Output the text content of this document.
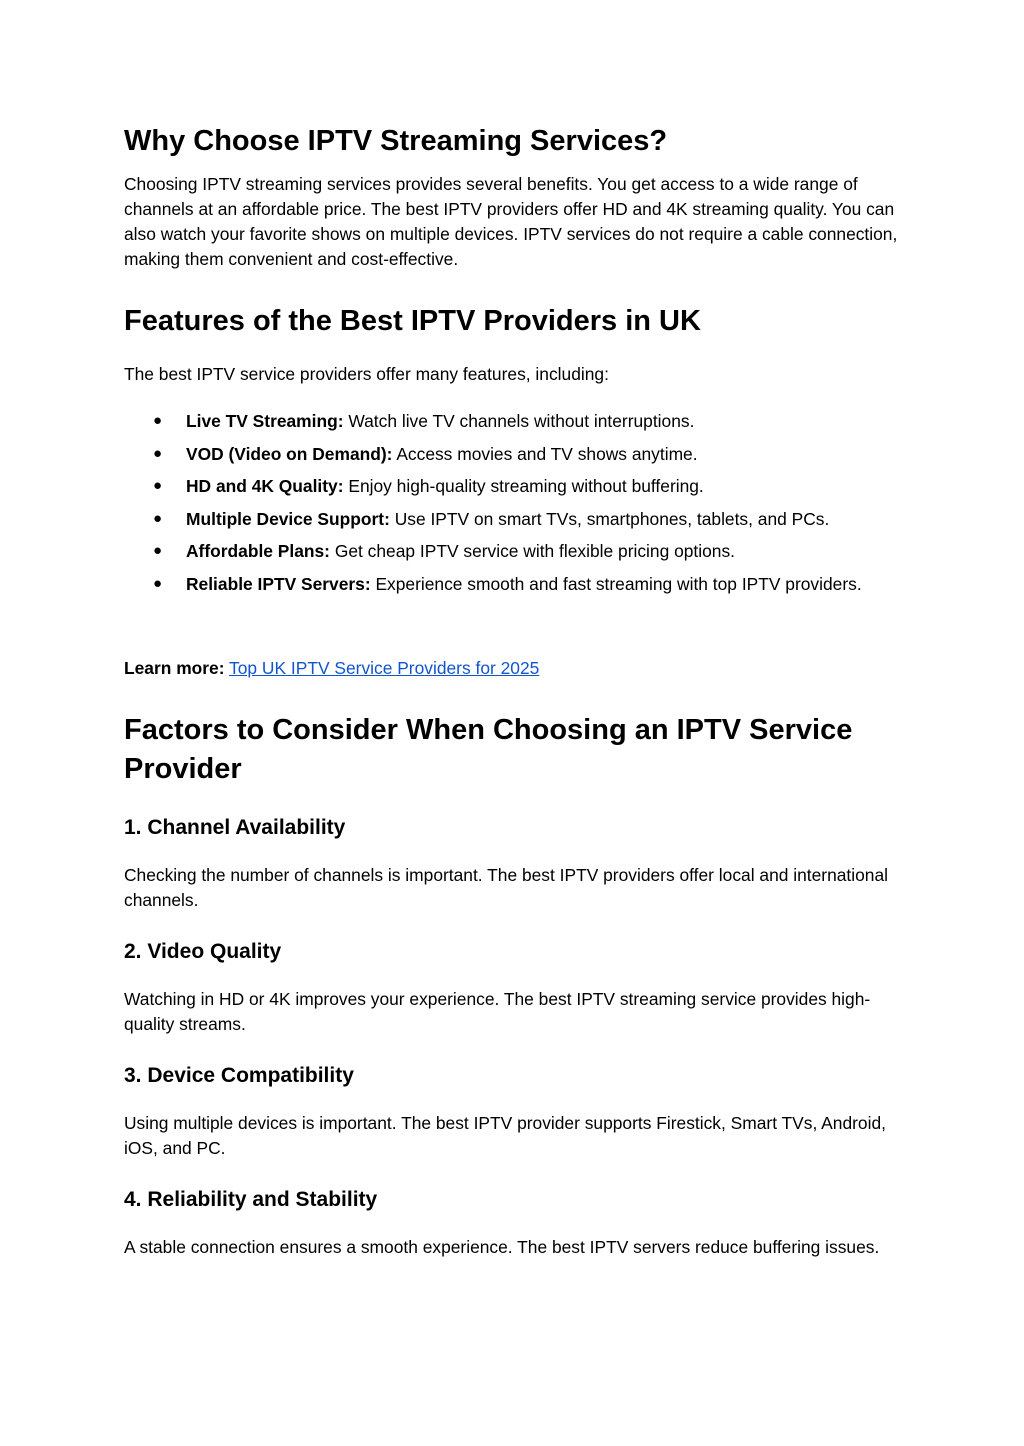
Why Choose IPTV Streaming Services?

Choosing IPTV streaming services provides several benefits. You get access to a wide range of channels at an affordable price. The best IPTV providers offer HD and 4K streaming quality. You can also watch your favorite shows on multiple devices. IPTV services do not require a cable connection, making them convenient and cost-effective.

Features of the Best IPTV Providers in UK

The best IPTV service providers offer many features, including:

● Live TV Streaming: Watch live TV channels without interruptions.
● VOD (Video on Demand): Access movies and TV shows anytime.
● HD and 4K Quality: Enjoy high-quality streaming without buffering.
● Multiple Device Support: Use IPTV on smart TVs, smartphones, tablets, and PCs.
● Affordable Plans: Get cheap IPTV service with flexible pricing options.
● Reliable IPTV Servers: Experience smooth and fast streaming with top IPTV providers.

Learn more: Top UK IPTV Service Providers for 2025

Factors to Consider When Choosing an IPTV Service Provider
1. Channel Availability

Checking the number of channels is important. The best IPTV providers offer local and international channels.

2. Video Quality

Watching in HD or 4K improves your experience. The best IPTV streaming service provides high-quality streams.

3. Device Compatibility

Using multiple devices is important. The best IPTV provider supports Firestick, Smart TVs, Android, iOS, and PC.

4. Reliability and Stability

A stable connection ensures a smooth experience. The best IPTV servers reduce buffering issues.
